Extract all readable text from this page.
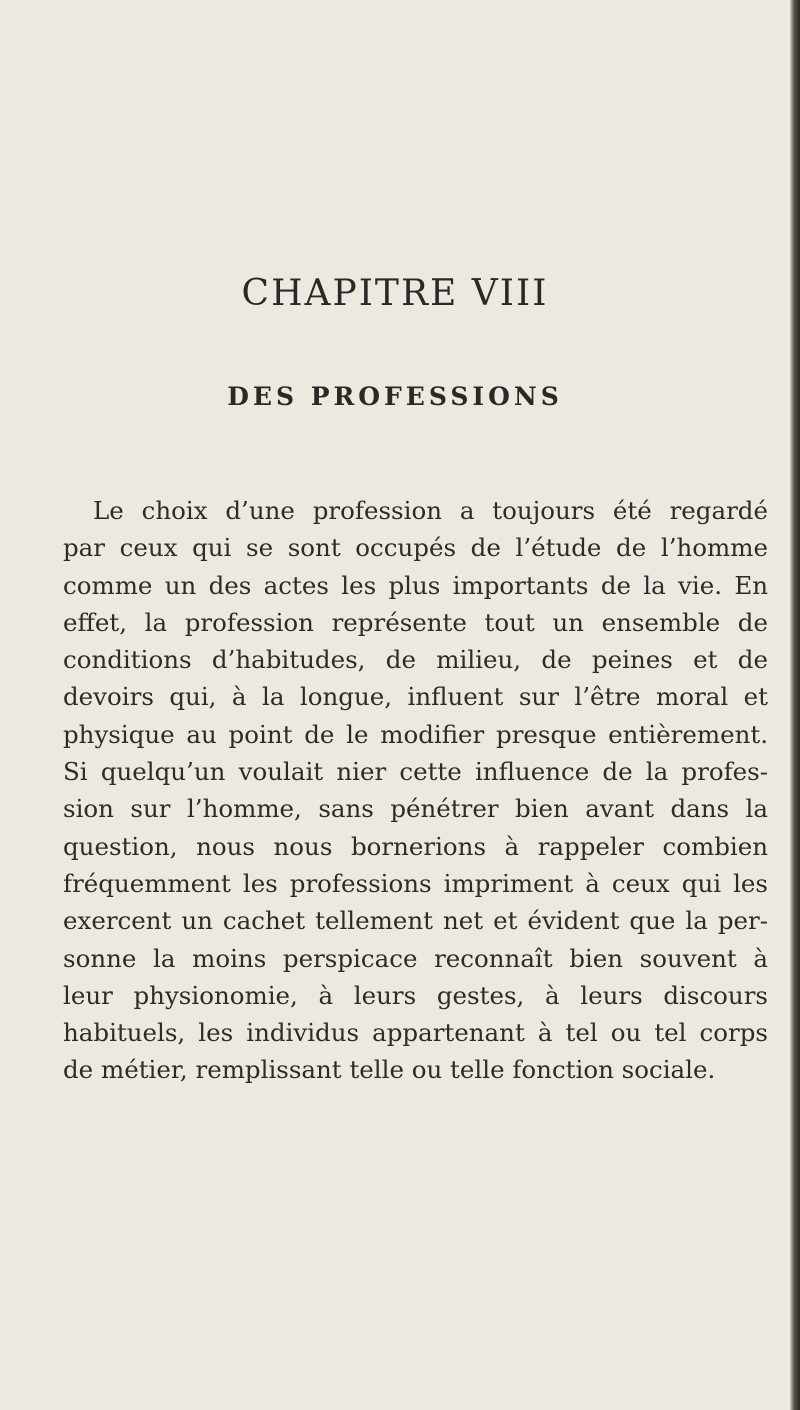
CHAPITRE VIII
DES PROFESSIONS
Le choix d’une profession a toujours été regardé
par ceux qui se sont occupés de l’étude de l’homme
comme un des actes les plus importants de la vie. En
effet, la profession représente tout un ensemble de
conditions d’habitudes, de milieu, de peines et de
devoirs qui, à la longue, influent sur l’être moral et
physique au point de le modifier presque entièrement.
Si quelqu’un voulait nier cette influence de la profes-
sion sur l’homme, sans pénétrer bien avant dans la
question, nous nous bornerions à rappeler combien
fréquemment les professions impriment à ceux qui les
exercent un cachet tellement net et évident que la per-
sonne la moins perspicace reconnaît bien souvent à
leur physionomie, à leurs gestes, à leurs discours
habituels, les individus appartenant à tel ou tel corps
de métier, remplissant telle ou telle fonction sociale.
